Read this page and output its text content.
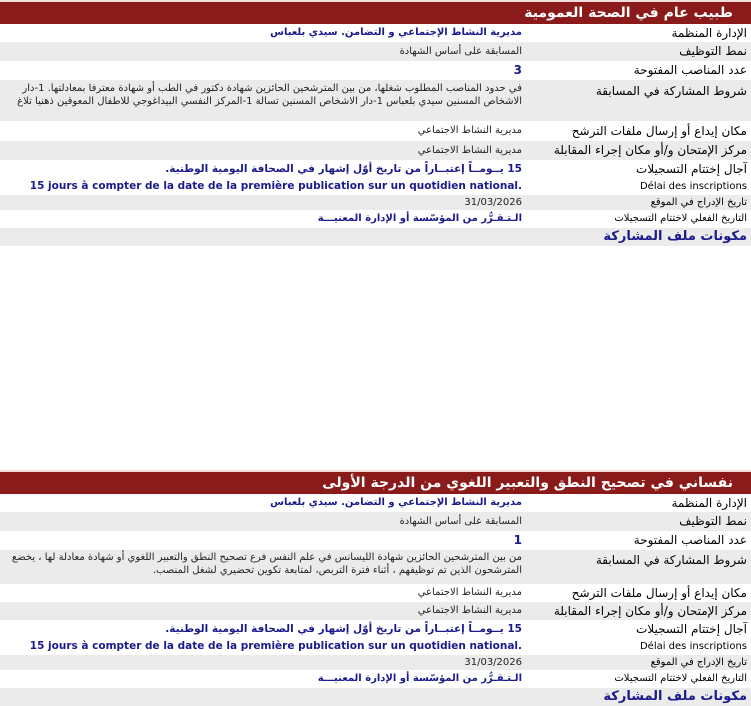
طبيب عام في الصحة العمومية
الإدارة المنظمة
مديرية النشاط الإجتماعي و التضامن. سيدي بلعباس
نمط التوظيف
المسابقة على أساس الشهادة
عدد المناصب المفتوحة
3
شروط المشاركة في المسابقة
في حدود المناصب المطلوب شغلها، من بين المترشحين الحائزين شهادة دكتور في الطب أو شهادة معترفا بمعادلتها. 1-دار الاشخاص المسنين سيدي بلعباس 1-دار الاشخاص المسنين تسالة 1-المركز النفسي البيداغوجي للاطفال المعوقين ذهنيا تلاغ
مكان إيداع أو إرسال ملفات الترشح
مديرية النشاط الاجتماعي
مركز الإمتحان و/أو مكان إجراء المقابلة
مديرية النشاط الاجتماعي
آجال إختتام التسجيلات
15 يــومــاً إعتبــاراً من تاريخ أوّل إشهار في الصحافة اليومية الوطنية.
Délai des inscriptions
15 jours à compter de la date de la première publication sur un quotidien national.
تاريخ الإدراج في الموقع
31/03/2026
التاريخ الفعلي لاختتام التسجيلات
الـتـقـرُّر من المؤسّسة أو الإدارة المعنيـــة
مكونات ملف المشاركة
نفساني في تصحيح النطق والتعبير اللغوي من الدرجة الأولى
الإدارة المنظمة
مديرية النشاط الإجتماعي و التضامن. سيدي بلعباس
نمط التوظيف
المسابقة على أساس الشهادة
عدد المناصب المفتوحة
1
شروط المشاركة في المسابقة
من بين المترشحين الحائزين شهادة الليسانس في علم النفس فرع تصحيح النطق والتعبير اللغوي أو شهادة معادلة لها ، يخضع المترشحون الذين تم توظيفهم ، أثناء فترة التربص، لمتابعة تكوين تحضيري لشغل المنصب.
مكان إيداع أو إرسال ملفات الترشح
مديرية النشاط الاجتماعي
مركز الإمتحان و/أو مكان إجراء المقابلة
مديرية النشاط الاجتماعي
آجال إختتام التسجيلات
15 يــومــاً إعتبــاراً من تاريخ أوّل إشهار في الصحافة اليومية الوطنية.
Délai des inscriptions
15 jours à compter de la date de la première publication sur un quotidien national.
تاريخ الإدراج في الموقع
31/03/2026
التاريخ الفعلي لاختتام التسجيلات
الـتـقـرُّر من المؤسّسة أو الإدارة المعنيـــة
مكونات ملف المشاركة
